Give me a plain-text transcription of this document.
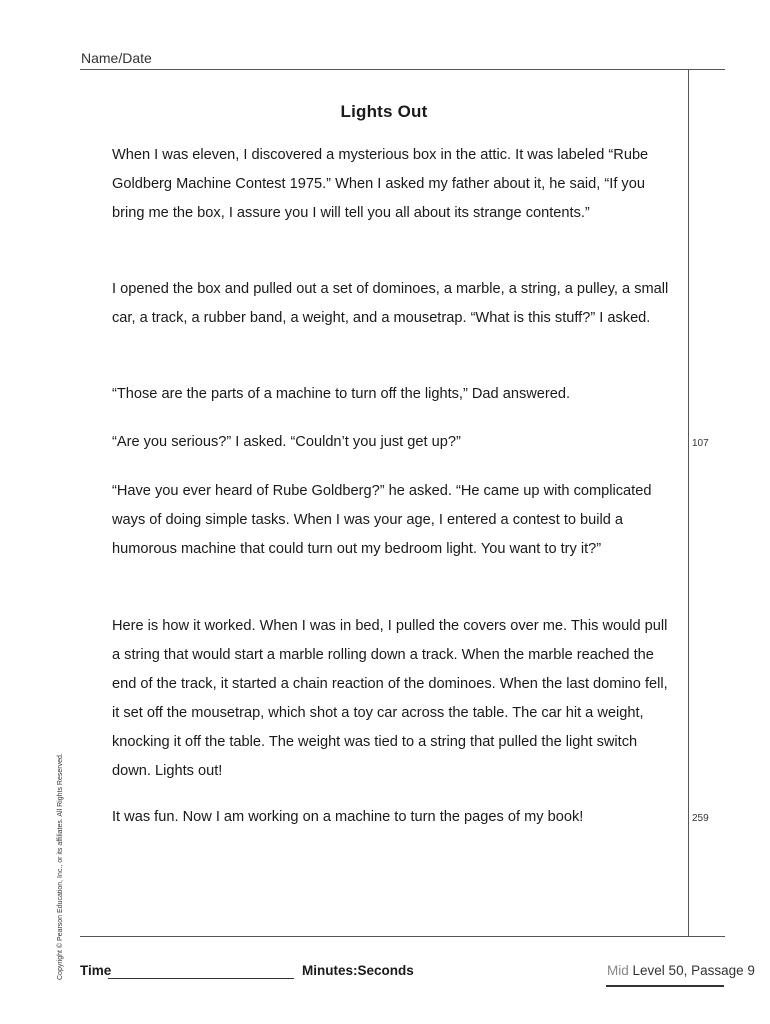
Name/Date
Lights Out

When I was eleven, I discovered a mysterious box in the attic. It was labeled “Rube Goldberg Machine Contest 1975.” When I asked my father about it, he said, “If you bring me the box, I assure you I will tell you all about its strange contents.”

I opened the box and pulled out a set of dominoes, a marble, a string, a pulley, a small car, a track, a rubber band, a weight, and a mousetrap. “What is this stuff?” I asked.

“Those are the parts of a machine to turn off the lights,” Dad answered.

“Are you serious?” I asked. “Couldn’t you just get up?”

“Have you ever heard of Rube Goldberg?” he asked. “He came up with complicated ways of doing simple tasks. When I was your age, I entered a contest to build a humorous machine that could turn out my bedroom light. You want to try it?”

Here is how it worked. When I was in bed, I pulled the covers over me. This would pull a string that would start a marble rolling down a track. When the marble reached the end of the track, it started a chain reaction of the dominoes. When the last domino fell, it set off the mousetrap, which shot a toy car across the table. The car hit a weight, knocking it off the table. The weight was tied to a string that pulled the light switch down. Lights out!

It was fun. Now I am working on a machine to turn the pages of my book!

107
259
Copyright © Pearson Education, Inc., or its affiliates. All Rights Reserved. Time	Minutes:Seconds	Mid Level 50, Passage 9
